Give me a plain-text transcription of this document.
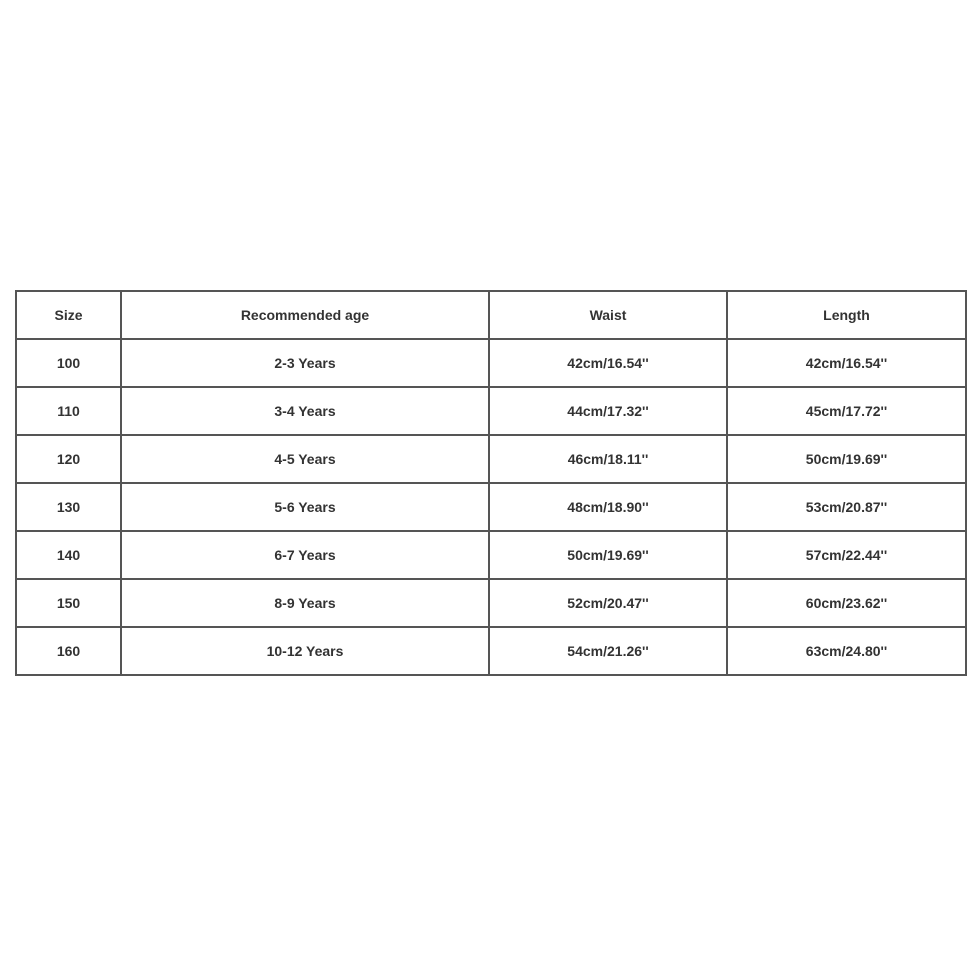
Size	Recommended age	Waist	Length
100	2-3 Years	42cm/16.54''	42cm/16.54''
110	3-4 Years	44cm/17.32''	45cm/17.72''
120	4-5 Years	46cm/18.11''	50cm/19.69''
130	5-6 Years	48cm/18.90''	53cm/20.87''
140	6-7 Years	50cm/19.69''	57cm/22.44''
150	8-9 Years	52cm/20.47''	60cm/23.62''
160	10-12 Years	54cm/21.26''	63cm/24.80''
